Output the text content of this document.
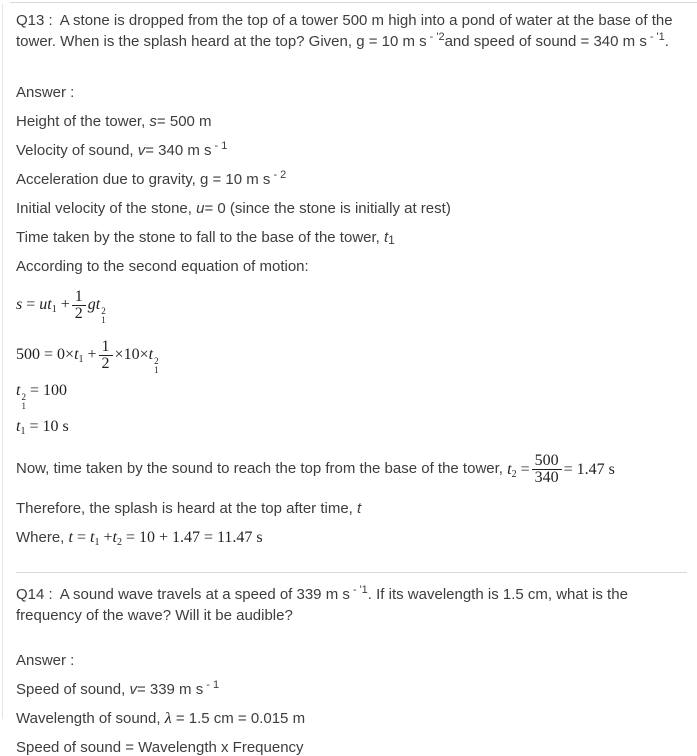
Q13 : A stone is dropped from the top of a tower 500 m high into a pond of water at the base of the tower. When is the splash heard at the top? Given, g = 10 m s $^{- '2}$and speed of sound = 340 m s $^{- '1}$.

Answer :

Height of the tower, s= 500 m

Velocity of sound, v= 340 m s $^{- 1}$

Acceleration due to gravity, g = 10 m s $^{- 2}$

Initial velocity of the stone, u= 0 (since the stone is initially at rest)

Time taken by the stone to fall to the base of the tower, $t_1$

According to the second equation of motion:

$s = ut_1 + \frac{1}{2}$ gt 2
1
$500 = 0\times t_1 + \frac{1}{2} \times 10\times t$ 2
1
t 2
1
= 100
$t_1 = 10$ s

Now, time taken by the sound to reach the top from the base of the tower, $t_2 = \frac{500}{340} = 1.47$ s

Therefore, the splash is heard at the top after time, t

Where, $t = t_1 +t_2 = 10 + 1.47 = 11.47$ s

Q14 : A sound wave travels at a speed of 339 m s $^{- '1}$. If its wavelength is 1.5 cm, what is the frequency of the wave? Will it be audible?

Answer :

Speed of sound, v= 339 m s $^{- 1}$

Wavelength of sound, λ = 1.5 cm = 0.015 m

Speed of sound = Wavelength x Frequency
